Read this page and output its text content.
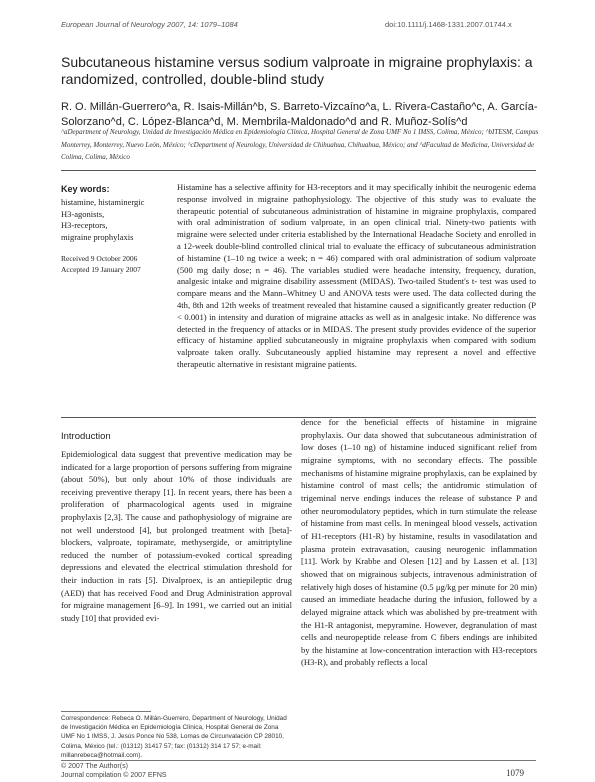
European Journal of Neurology 2007, 14: 1079–1084	doi:10.1111/j.1468-1331.2007.01744.x
Subcutaneous histamine versus sodium valproate in migraine prophylaxis: a randomized, controlled, double-blind study
R. O. Millán-Guerrero^a, R. Isais-Millán^b, S. Barreto-Vizcaíno^a, L. Rivera-Castaño^c, A. García-Solorzano^d, C. López-Blanca^d, M. Membrila-Maldonado^d and R. Muñoz-Solís^d
^aDepartment of Neurology, Unidad de Investigación Médica en Epidemiología Clínica, Hospital General de Zona UMF No 1 IMSS, Colima, México; ^bITESM, Campus Monterrey, Monterrey, Nuevo León, México; ^cDepartment of Neurology, Universidad de Chihuahua, Chihuahua, México; and ^dFacultad de Medicina, Universidad de Colima, Colima, México
Key words:
histamine, histaminergic
H3-agonists,
H3-receptors,
migraine prophylaxis
Received 9 October 2006
Accepted 19 January 2007
Histamine has a selective affinity for H3-receptors and it may specifically inhibit the neurogenic edema response involved in migraine pathophysiology. The objective of this study was to evaluate the therapeutic potential of subcutaneous administration of histamine in migraine prophylaxis, compared with oral administration of sodium valproate, in an open clinical trial. Ninety-two patients with migraine were selected under criteria established by the International Headache Society and enrolled in a 12-week double-blind controlled clinical trial to evaluate the efficacy of subcutaneous administration of histamine (1–10 ng twice a week; n = 46) compared with oral administration of sodium valproate (500 mg daily dose; n = 46). The variables studied were headache intensity, frequency, duration, analgesic intake and migraine disability assessment (MIDAS). Two-tailed Student's t- test was used to compare means and the Mann–Whitney U and ANOVA tests were used. The data collected during the 4th, 8th and 12th weeks of treatment revealed that histamine caused a significantly greater reduction (P < 0.001) in intensity and duration of migraine attacks as well as in analgesic intake. No difference was detected in the frequency of attacks or in MIDAS. The present study provides evidence of the superior efficacy of histamine applied subcutaneously in migraine prophylaxis when compared with sodium valproate taken orally. Subcutaneously applied histamine may represent a novel and effective therapeutic alternative in resistant migraine patients.
Introduction
Epidemiological data suggest that preventive medication may be indicated for a large proportion of persons suffering from migraine (about 50%), but only about 10% of those individuals are receiving preventive therapy [1]. In recent years, there has been a proliferation of pharmacological agents used in migraine prophylaxis [2,3]. The cause and pathophysiology of migraine are not well understood [4], but prolonged treatment with [beta]-blockers, valproate, topiramate, methysergide, or amitriptyline reduced the number of potassium-evoked cortical spreading depressions and elevated the electrical stimulation threshold for their induction in rats [5]. Divalproex, is an antiepileptic drug (AED) that has received Food and Drug Administration approval for migraine management [6–9]. In 1991, we carried out an initial study [10] that provided evi-
dence for the beneficial effects of histamine in migraine prophylaxis. Our data showed that subcutaneous administration of low doses (1–10 ng) of histamine induced significant relief from migraine symptoms, with no secondary effects. The possible mechanisms of histamine migraine prophylaxis, can be explained by histamine control of mast cells; the antidromic stimulation of trigeminal nerve endings induces the release of substance P and other neuromodulatory peptides, which in turn stimulate the release of histamine from mast cells. In meningeal blood vessels, activation of H1-receptors (H1-R) by histamine, results in vasodilatation and plasma protein extravasation, causing neurogenic inflammation [11]. Work by Krabbe and Olesen [12] and by Lassen et al. [13] showed that on migrainous subjects, intravenous administration of relatively high doses of histamine (0.5 μg/kg per minute for 20 min) caused an immediate headache during the infusion, followed by a delayed migraine attack which was abolished by pre-treatment with the H1-R antagonist, mepyramine. However, degranulation of mast cells and neuropeptide release from C fibers endings are inhibited by the histamine at low-concentration interaction with H3-receptors (H3-R), and probably reflects a local
Correspondence: Rebeca O. Millán-Guerrero, Department of Neurology, Unidad de Investigación Médica en Epidemiología Clínica, Hospital General de Zona UMF No 1 IMSS, J. Jesús Ponce No 538, Lomas de Circunvalación CP 28010, Colima, México (tel.: (01312) 31417 57; fax: (01312) 314 17 57; e-mail: millanrebeca@hotmail.com).
© 2007 The Author(s)
Journal compilation © 2007 EFNS	1079
